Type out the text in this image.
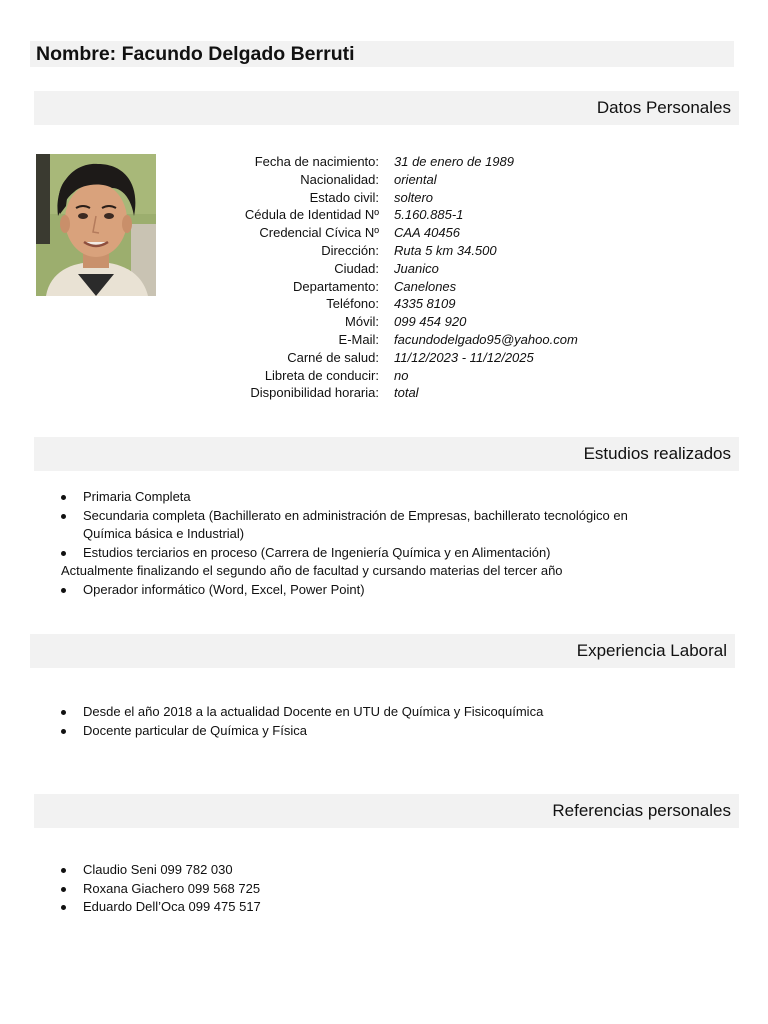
Nombre: Facundo Delgado Berruti
Datos Personales
Fecha de nacimiento:	31 de enero de 1989
Nacionalidad:	oriental
Estado civil:	soltero
Cédula de Identidad Nº	5.160.885-1
Credencial Cívica Nº	CAA 40456
Dirección:	Ruta 5 km 34.500
Ciudad:	Juanico
Departamento:	Canelones
Teléfono:	4335 8109
Móvil:	099 454 920
E-Mail:	facundodelgado95@yahoo.com
Carné de salud:	11/12/2023 - 11/12/2025
Libreta de conducir:	no
Disponibilidad horaria:	total
Estudios realizados
Primaria Completa
Secundaria completa (Bachillerato en administración de Empresas, bachillerato tecnológico en
Química básica e Industrial)
Estudios terciarios en proceso (Carrera de Ingeniería Química y en Alimentación)
Actualmente finalizando el segundo año de facultad y cursando materias del tercer año
Operador informático (Word, Excel, Power Point)
Experiencia Laboral
Desde el año 2018 a la actualidad Docente en UTU de Química y Fisicoquímica
Docente particular de Química y Física
Referencias personales
Claudio Seni 099 782 030
Roxana Giachero 099 568 725
Eduardo Dell’Oca 099 475 517
